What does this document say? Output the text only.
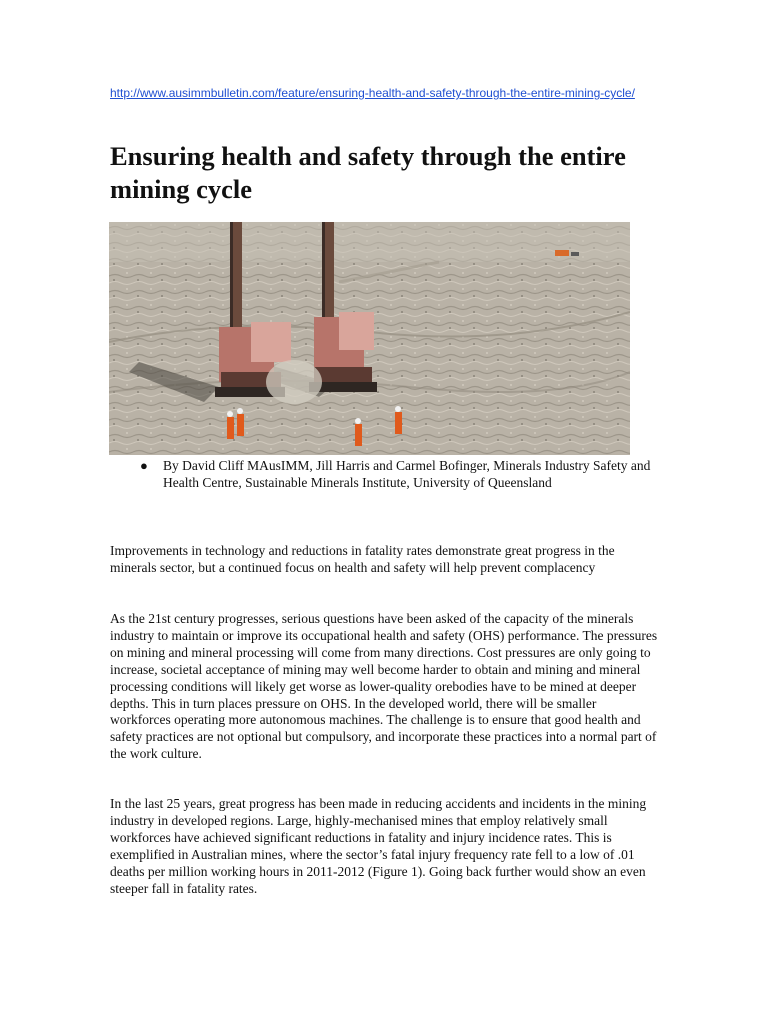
http://www.ausimmbulletin.com/feature/ensuring-health-and-safety-through-the-entire-mining-cycle/
Ensuring health and safety through the entire mining cycle
● By David Cliff MAusIMM, Jill Harris and Carmel Bofinger, Minerals Industry Safety and Health Centre, Sustainable Minerals Institute, University of Queensland

Improvements in technology and reductions in fatality rates demonstrate great progress in the minerals sector, but a continued focus on health and safety will help prevent complacency

As the 21st century progresses, serious questions have been asked of the capacity of the minerals industry to maintain or improve its occupational health and safety (OHS) performance. The pressures on mining and mineral processing will come from many directions. Cost pressures are only going to increase, societal acceptance of mining may well become harder to obtain and mining and mineral processing conditions will likely get worse as lower-quality orebodies have to be mined at deeper depths. This in turn places pressure on OHS. In the developed world, there will be smaller workforces operating more autonomous machines. The challenge is to ensure that good health and safety practices are not optional but compulsory, and incorporate these practices into a normal part of the work culture.

In the last 25 years, great progress has been made in reducing accidents and incidents in the mining industry in developed regions. Large, highly-mechanised mines that employ relatively small workforces have achieved significant reductions in fatality and injury incidence rates. This is exemplified in Australian mines, where the sector’s fatal injury frequency rate fell to a low of .01 deaths per million working hours in 2011-2012 (Figure 1). Going back further would show an even steeper fall in fatality rates.
